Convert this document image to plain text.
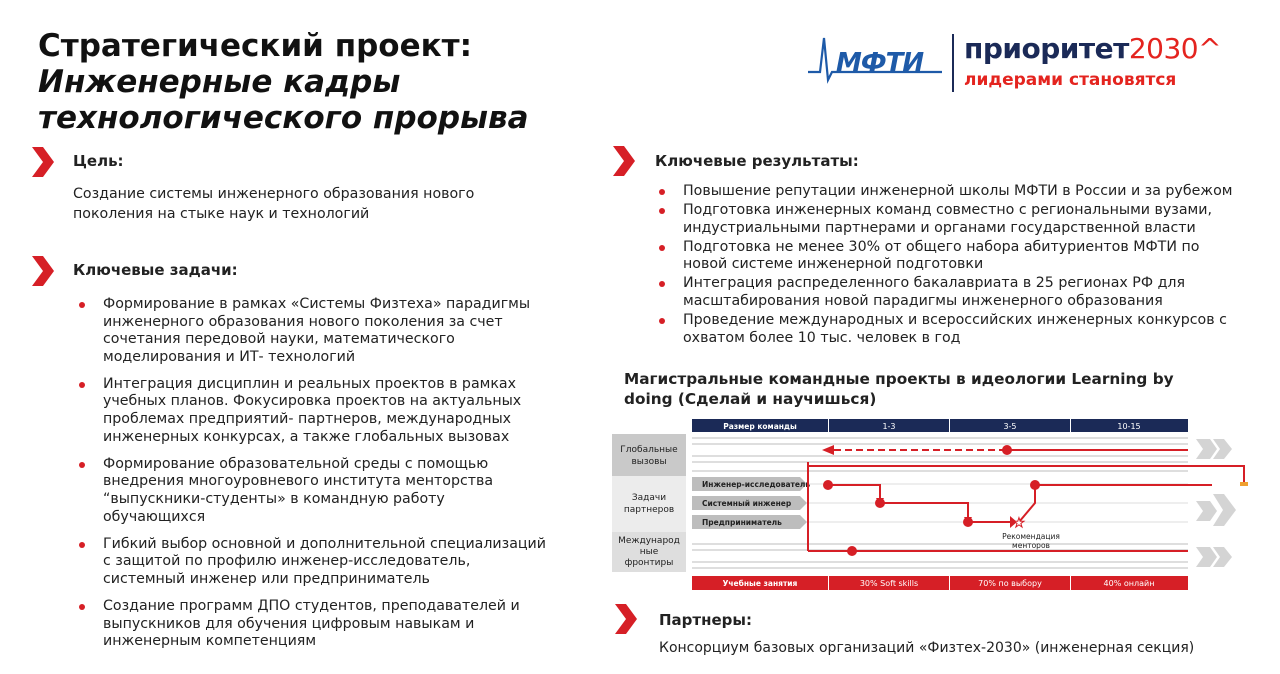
Стратегический проект:
Инженерные кадры
технологического прорыва
МФТИ приоритет2030^
лидерами становятся
Цель:
Создание системы инженерного образования нового
поколения на стыке наук и технологий
Ключевые задачи:
Формирование в рамках «Системы Физтеха» парадигмы
инженерного образования нового поколения за счет
сочетания передовой науки, математического
моделирования и ИТ- технологий
Интеграция дисциплин и реальных проектов в рамках
учебных планов. Фокусировка проектов на актуальных
проблемах предприятий- партнеров, международных
инженерных конкурсах, а также глобальных вызовах
Формирование образовательной среды с помощью
внедрения многоуровневого института менторства
“выпускники-студенты» в командную работу
обучающихся
Гибкий выбор основной и дополнительной специализаций
с защитой по профилю инженер-исследователь,
системный инженер или предприниматель
Создание программ ДПО студентов, преподавателей и
выпускников для обучения цифровым навыкам и
инженерным компетенциям
Ключевые результаты:
Повышение репутации инженерной школы МФТИ в России и за рубежом
Подготовка инженерных команд совместно с региональными вузами,
индустриальными партнерами и органами государственной власти
Подготовка не менее 30% от общего набора абитуриентов МФТИ по
новой системе инженерной подготовки
Интеграция распределенного бакалавриата в 25 регионах РФ для
масштабирования новой парадигмы инженерного образования
Проведение международных и всероссийских инженерных конкурсов с
охватом более 10 тыс. человек в год
Магистральные командные проекты в идеологии Learning by
doing (Сделай и научишься)
Глобальные
вызовы
Задачи
партнеров
Международ
ные
фронтиры
Размер команды	1-3	3-5	10-15
Инженер-исследователь
Системный инженер
Предприниматель	★
Рекомендация
менторов
Учебные занятия	30% Soft skills	70% по выбору	40% онлайн
Партнеры:
Консорциум базовых организаций «Физтех-2030» (инженерная секция)
